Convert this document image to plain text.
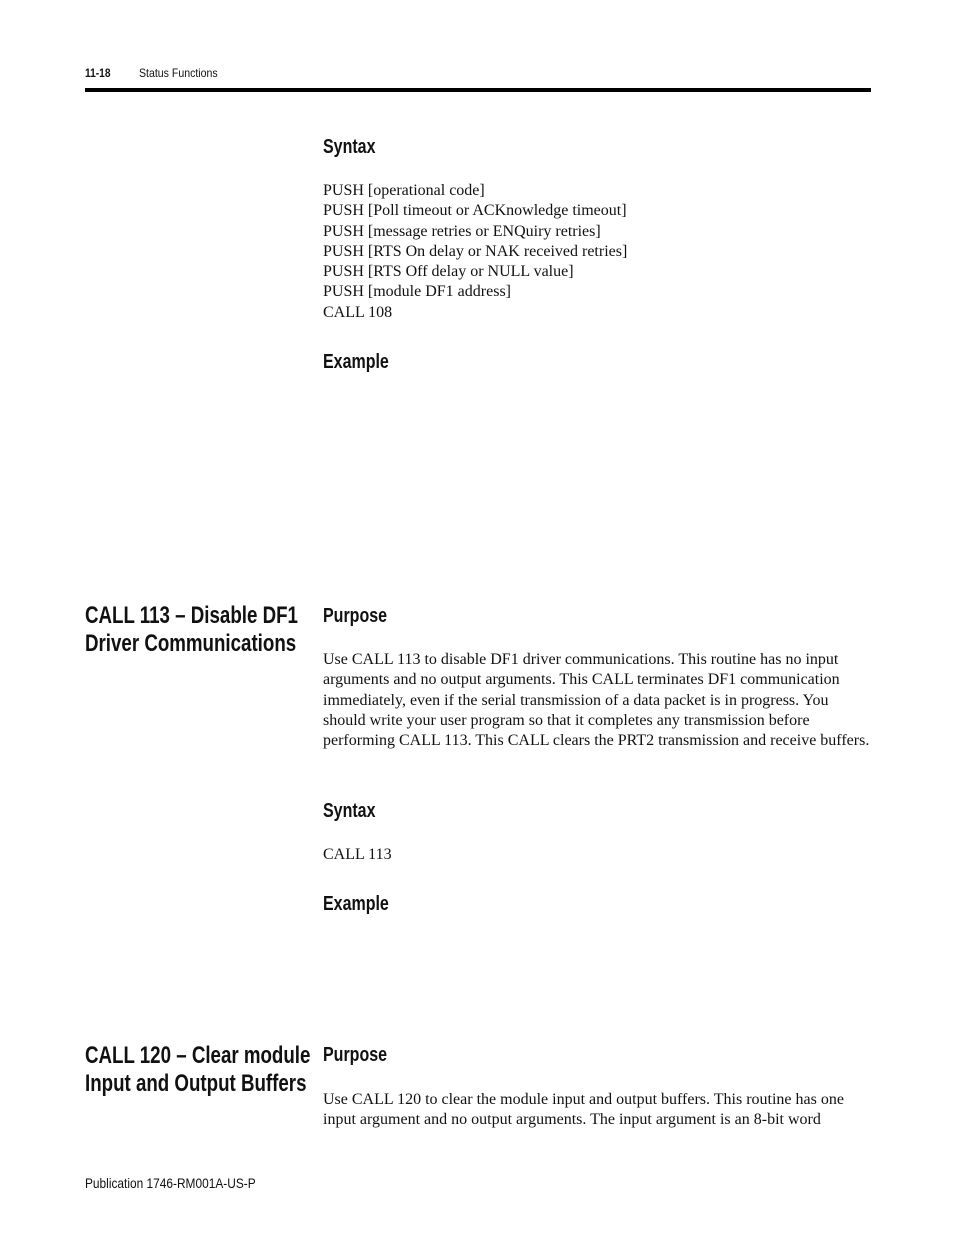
11-18 Status Functions
Syntax
PUSH [operational code]
PUSH [Poll timeout or ACKnowledge timeout]
PUSH [message retries or ENQuiry retries]
PUSH [RTS On delay or NAK received retries]
PUSH [RTS Off delay or NULL value]
PUSH [module DF1 address]
CALL 108
Example
CALL 113 – Disable DF1
Driver Communications
Purpose
Use CALL 113 to disable DF1 driver communications. This routine has no input arguments and no output arguments. This CALL terminates DF1 communication immediately, even if the serial transmission of a data packet is in progress. You should write your user program so that it completes any transmission before performing CALL 113. This CALL clears the PRT2 transmission and receive buffers.
Syntax
CALL 113
Example
CALL 120 – Clear module
Input and Output Buffers
Purpose
Use CALL 120 to clear the module input and output buffers. This routine has one input argument and no output arguments. The input argument is an 8-bit word
Publication 1746-RM001A-US-P
